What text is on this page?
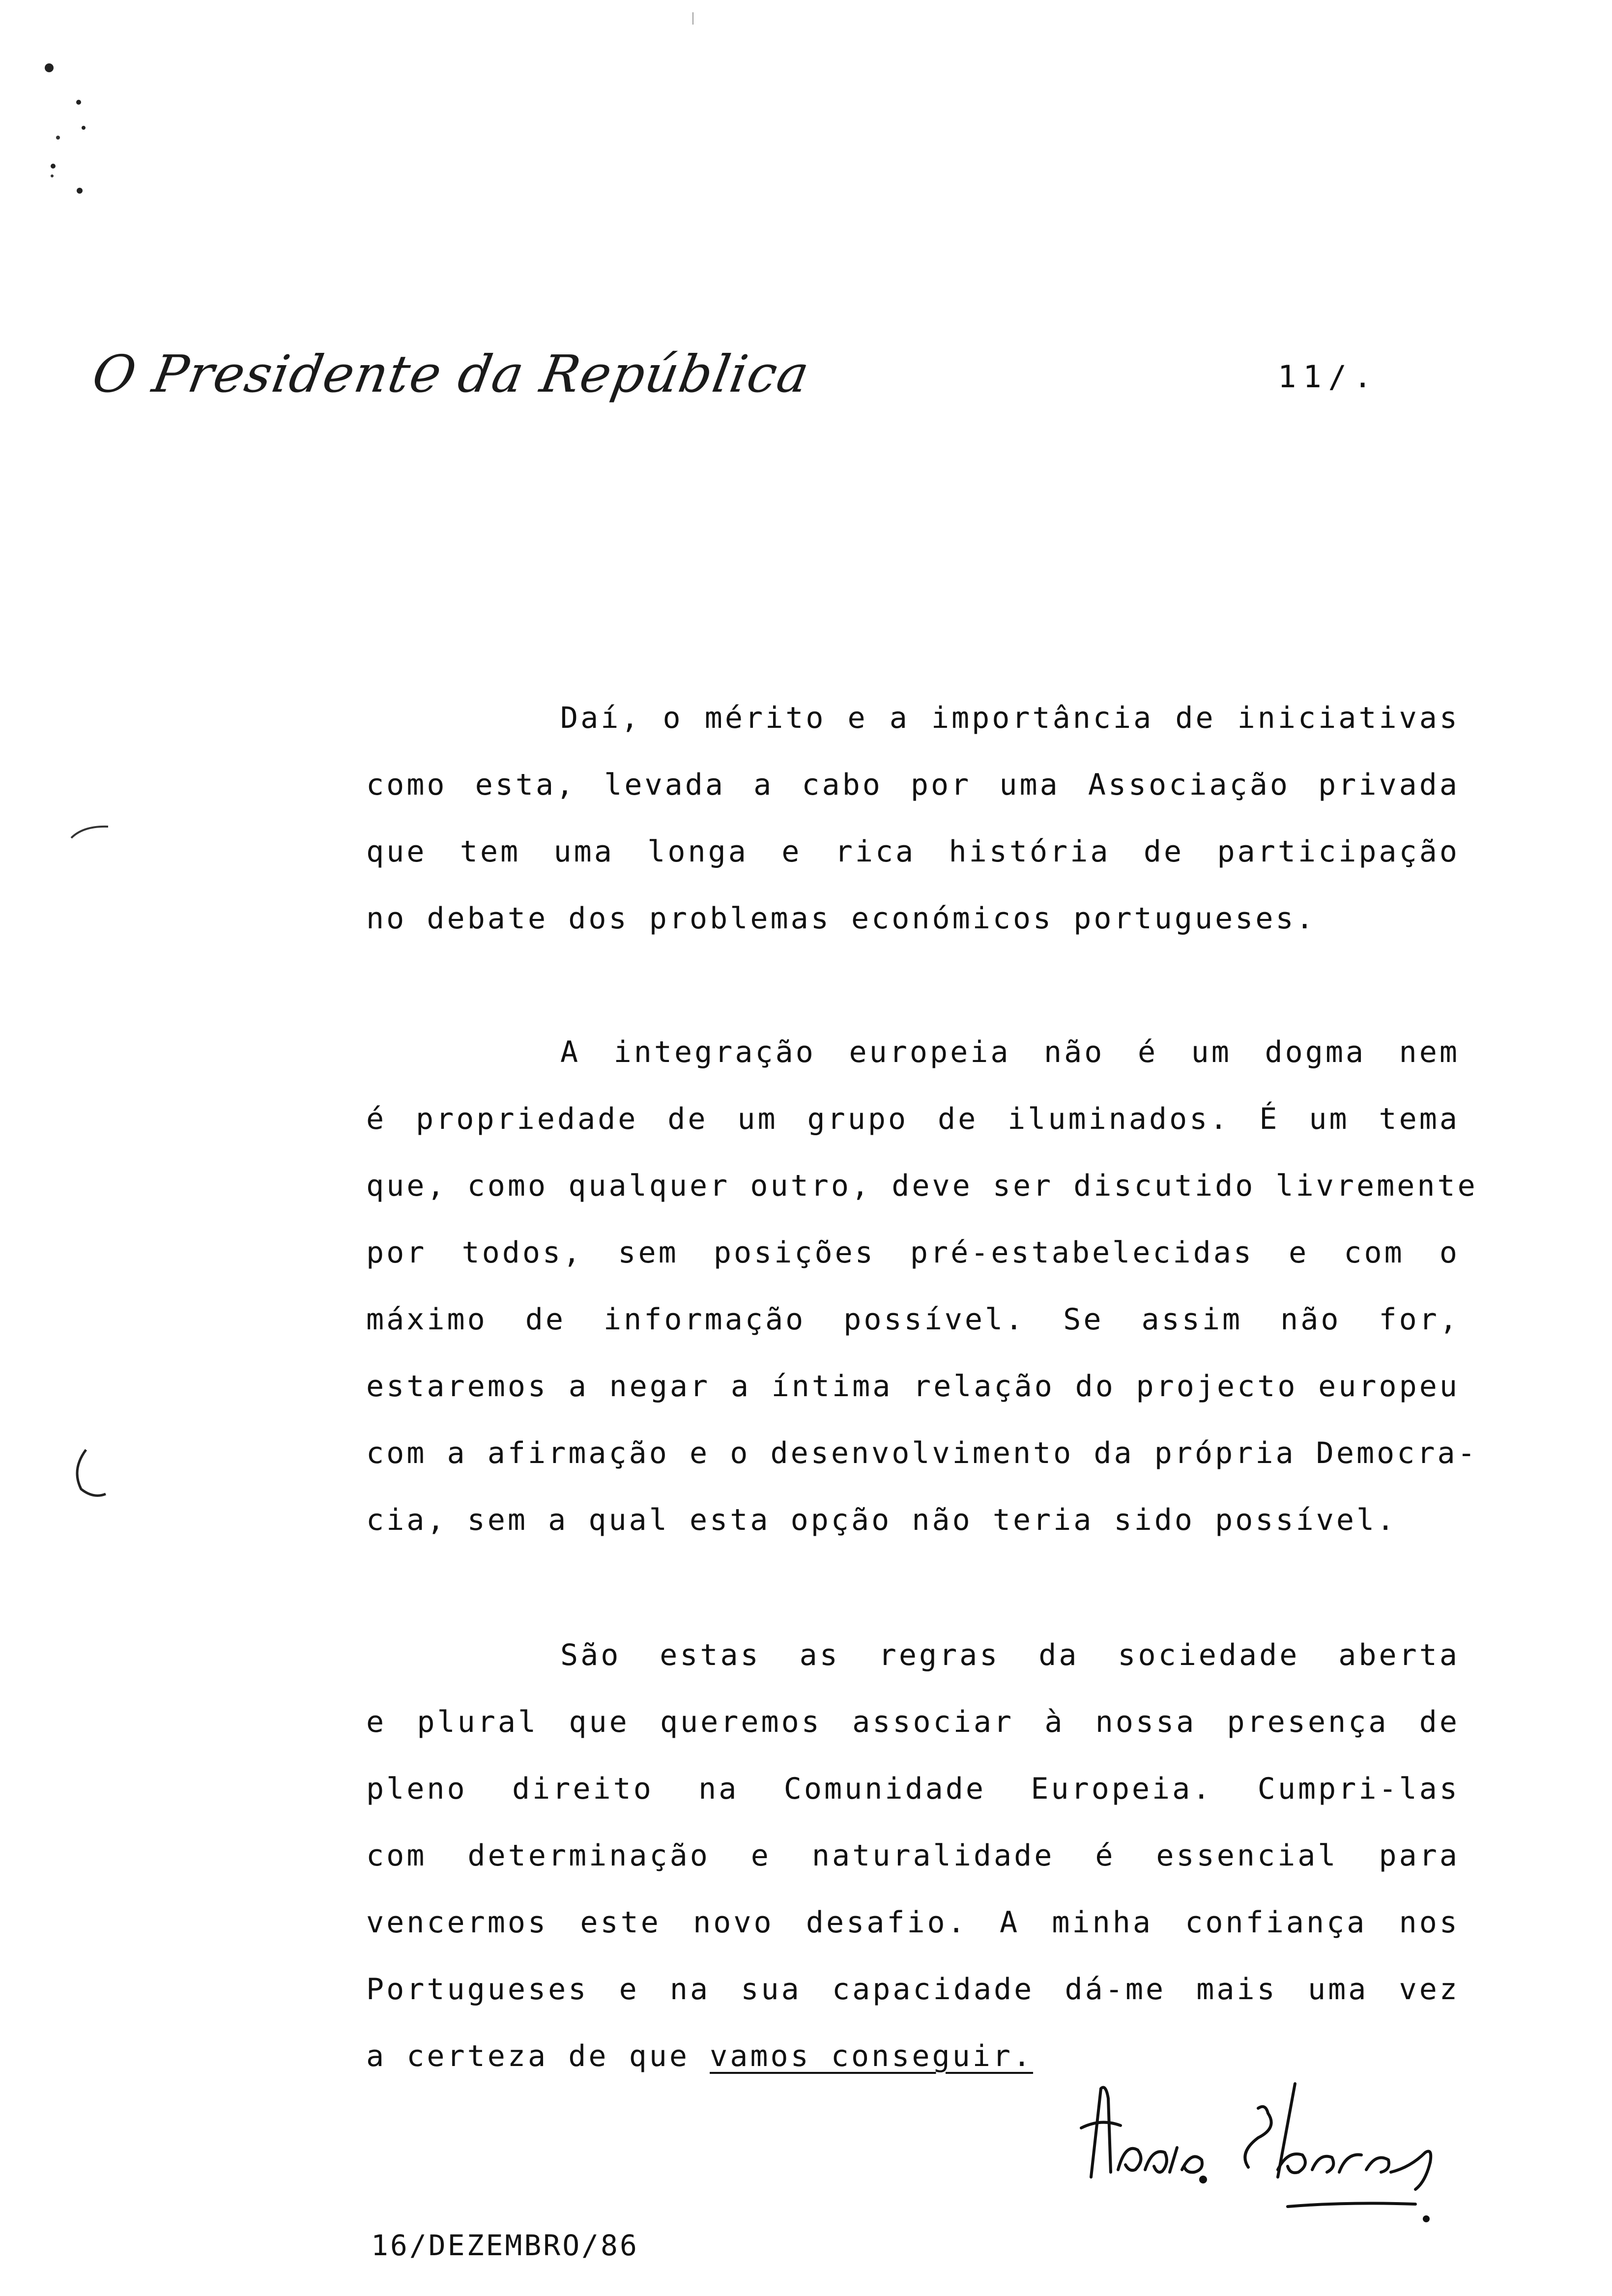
O Presidente da República	11/.
Daí, o mérito e a importância de iniciativas
como esta, levada a cabo por uma Associação privada
que tem uma longa e rica história de participação
no debate dos problemas económicos portugueses.
A integração europeia não é um dogma nem
é propriedade de um grupo de iluminados. É um tema
que, como qualquer outro, deve ser discutido livremente
por todos, sem posições pré-estabelecidas e com o
máximo de informação possível. Se assim não for,
estaremos a negar a íntima relação do projecto europeu
com a afirmação e o desenvolvimento da própria Democra-
cia, sem a qual esta opção não teria sido possível.
São estas as regras da sociedade aberta
e plural que queremos associar à nossa presença de
pleno direito na Comunidade Europeia. Cumpri-las
com determinação e naturalidade é essencial para
vencermos este novo desafio. A minha confiança nos
Portugueses e na sua capacidade dá-me mais uma vez
a certeza de que vamos conseguir.
16/DEZEMBRO/86
